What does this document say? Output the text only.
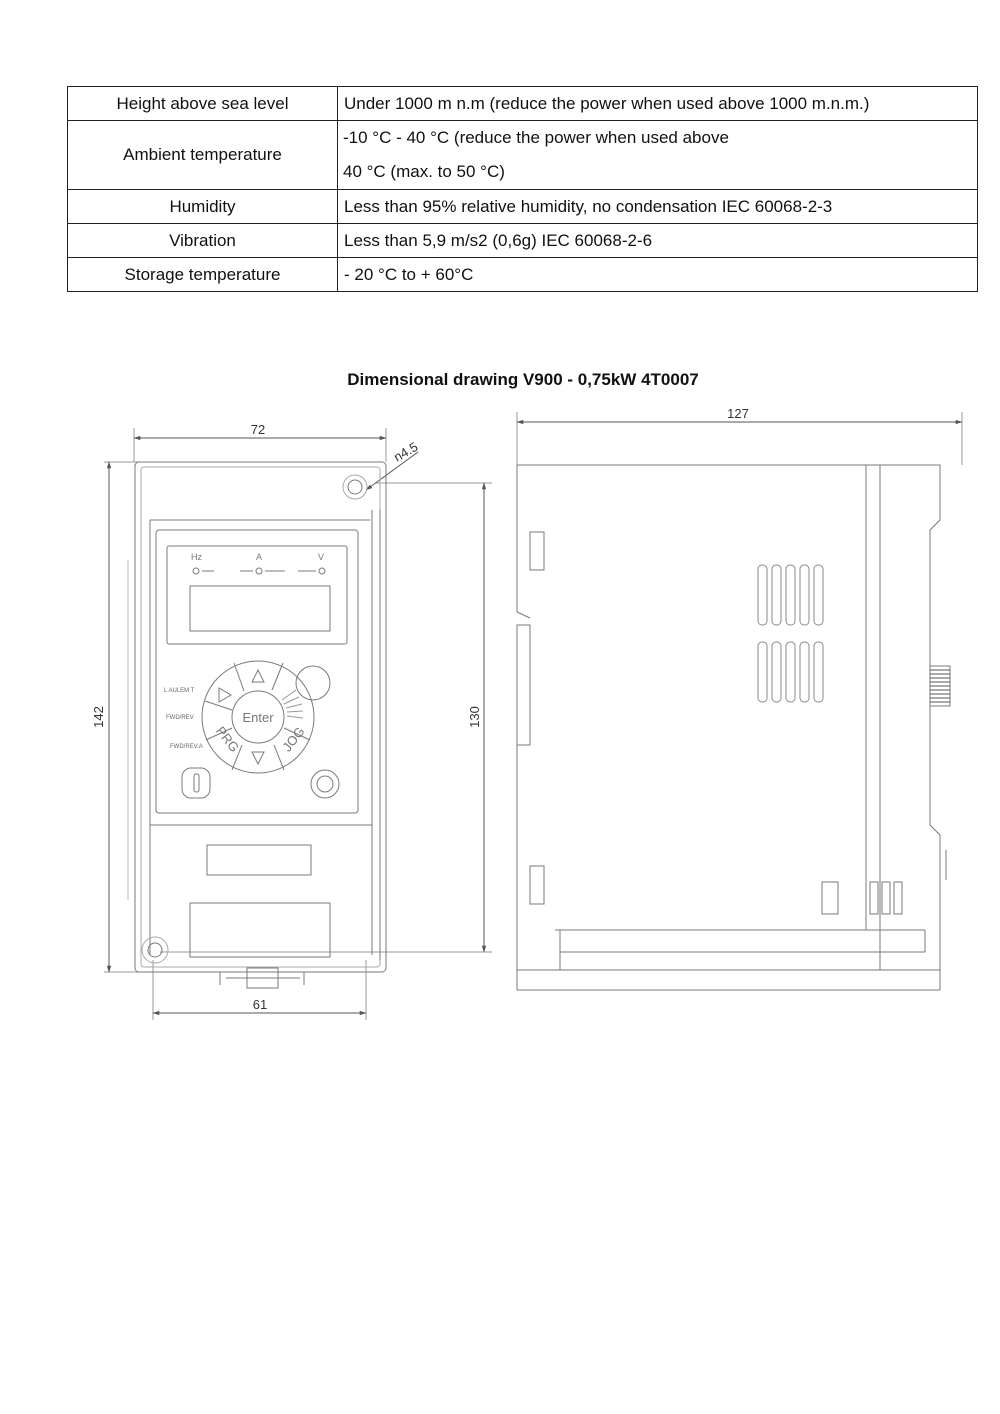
Height above sea level	Under 1000 m n.m (reduce the power when used above 1000 m.n.m.)
Ambient temperature	-10 °C - 40 °C (reduce the power when used above
40 °C (max. to 50 °C)

Humidity	Less than 95% relative humidity, no condensation IEC 60068-2-3
Vibration	Less than 5,9 m/s2 (0,6g) IEC 60068-2-6
Storage temperature	- 20 °C to + 60°C
Dimensional drawing V900 - 0,75kW 4T0007
72
142	130
61
n4.5
Hz	A	V
L AULEM T
FWD/REV
FWD/REV.A
Enter
PRG	JOG
127
